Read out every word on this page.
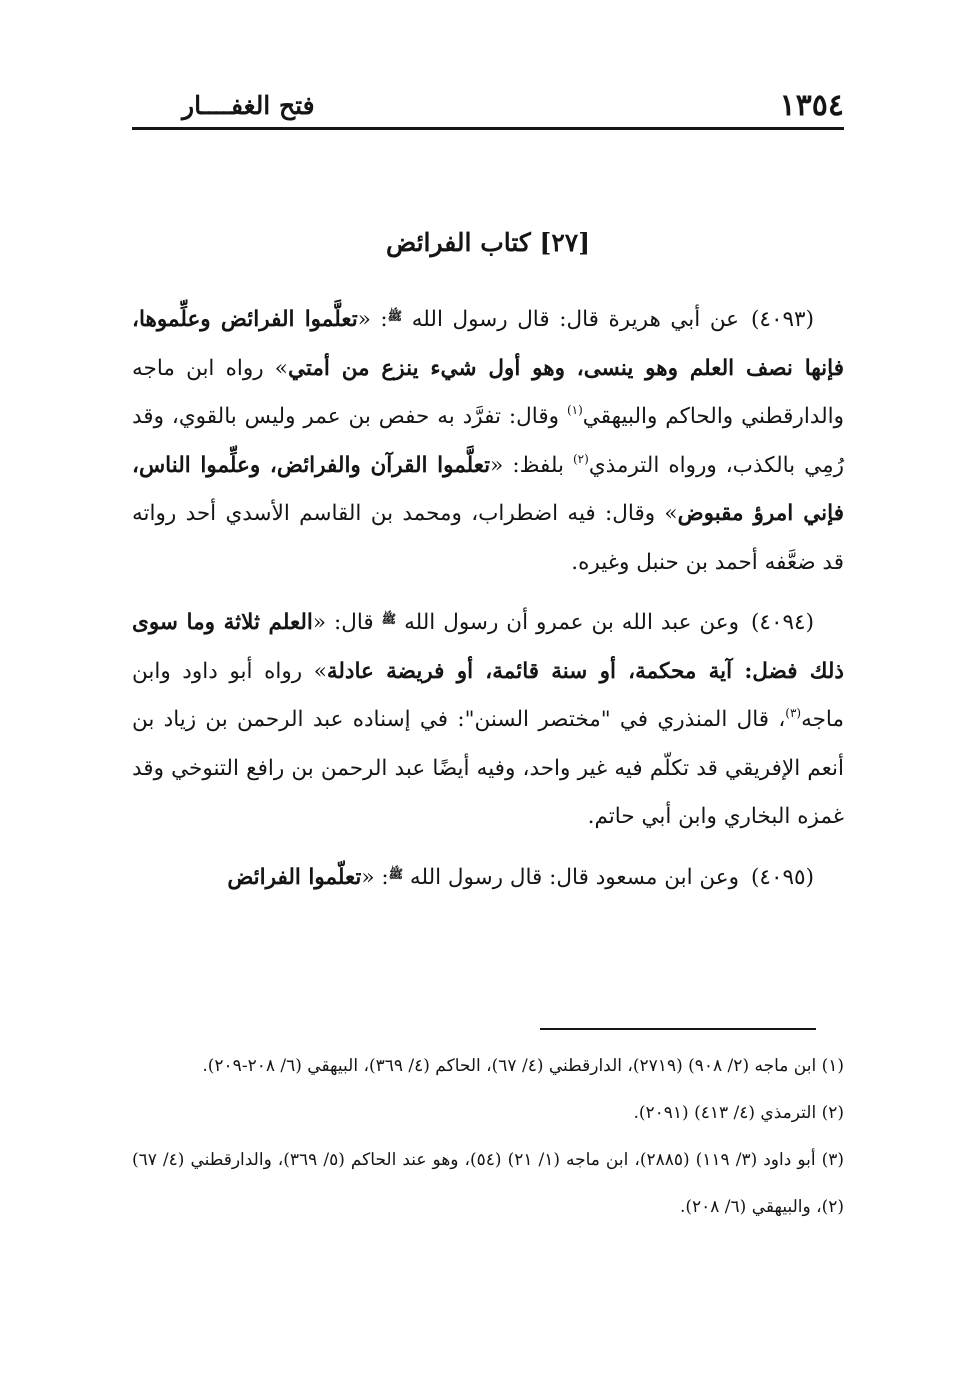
١٣٥٤
فتح الغفــــار
[٢٧] كتاب الفرائض

(٤٠٩٣)عن أبي هريرة قال: قال رسول الله $^ﷺ$: «تعلَّموا الفرائض وعلِّموها، فإنها نصف العلم وهو ينسى، وهو أول شيء ينزع من أمتي» رواه ابن ماجه والدارقطني والحاكم والبيهقي$^{(١)}$ وقال: تفرَّد به حفص بن عمر وليس بالقوي، وقد رُمِي بالكذب، ورواه الترمذي$^{(٢)}$ بلفظ: «تعلَّموا القرآن والفرائض، وعلِّموا الناس، فإني امرؤ مقبوض» وقال: فيه اضطراب، ومحمد بن القاسم الأسدي أحد رواته قد ضعَّفه أحمد بن حنبل وغيره.

(٤٠٩٤)وعن عبد الله بن عمرو أن رسول الله $^ﷺ$ قال: «العلم ثلاثة وما سوى ذلك فضل: آية محكمة، أو سنة قائمة، أو فريضة عادلة» رواه أبو داود وابن ماجه$^{(٣)}$، قال المنذري في "مختصر السنن": في إسناده عبد الرحمن بن زياد بن أنعم الإفريقي قد تكلّم فيه غير واحد، وفيه أيضًا عبد الرحمن بن رافع التنوخي وقد غمزه البخاري وابن أبي حاتم.

(٤٠٩٥)وعن ابن مسعود قال: قال رسول الله $^ﷺ$: «تعلّموا الفرائض

(١) ابن ماجه (٢/ ٩٠٨) (٢٧١٩)، الدارقطني (٤/ ٦٧)، الحاكم (٤/ ٣٦٩)، البيهقي (٦/ ٢٠٨-٢٠٩).

(٢) الترمذي (٤/ ٤١٣) (٢٠٩١).

(٣) أبو داود (٣/ ١١٩) (٢٨٨٥)، ابن ماجه (١/ ٢١) (٥٤)، وهو عند الحاكم (٥/ ٣٦٩)، والدارقطني (٤/ ٦٧) (٢)، والبيهقي (٦/ ٢٠٨).
